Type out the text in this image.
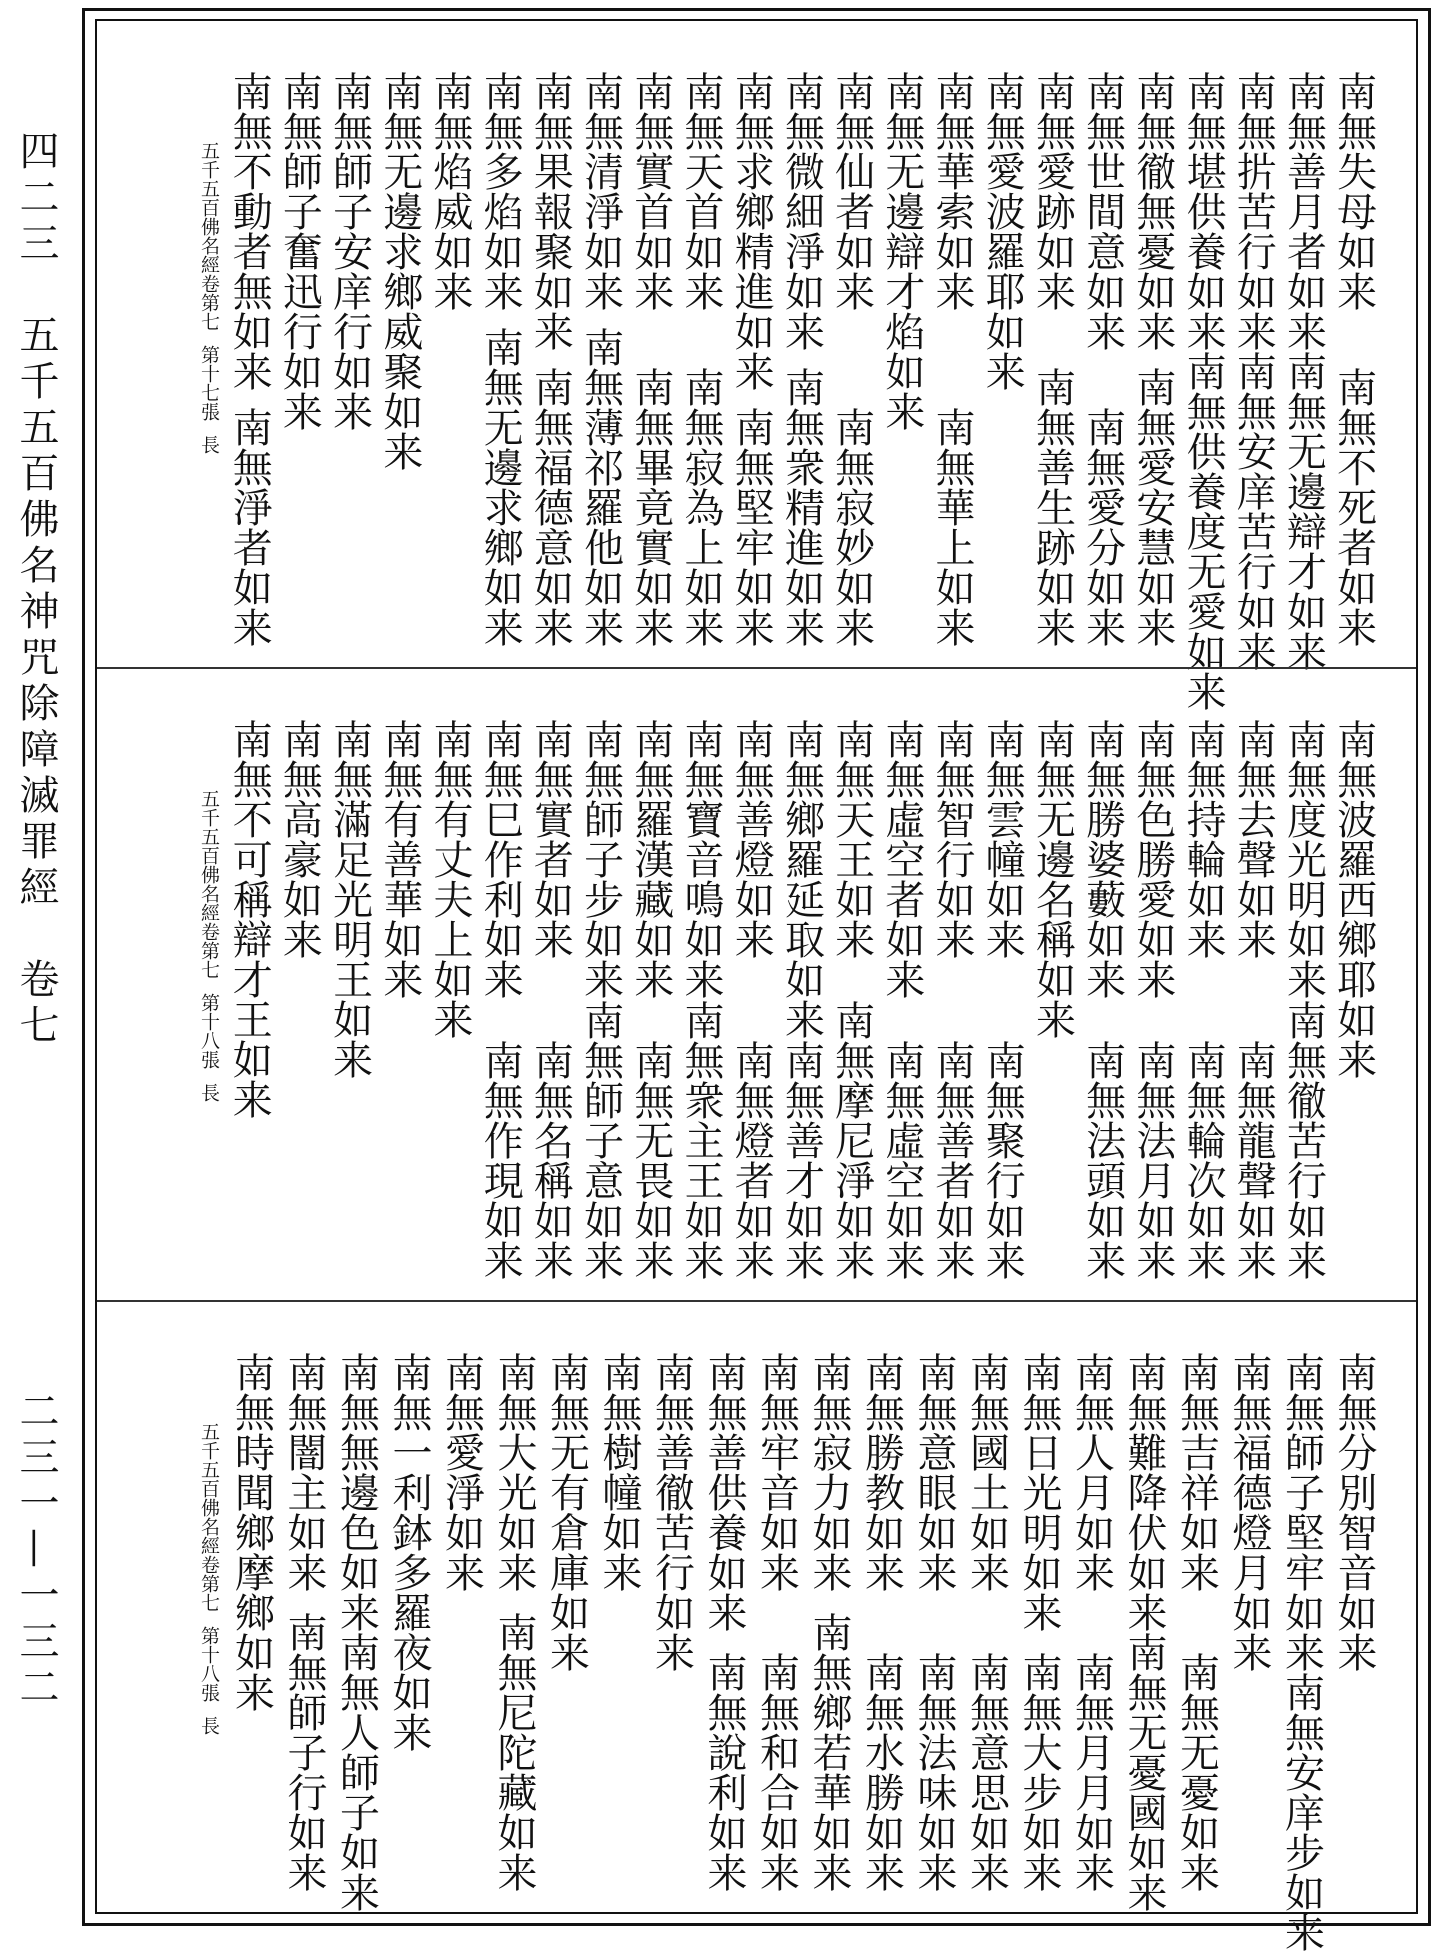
四二三　五千五百佛名神咒除障滅罪經　卷七
二三一—一三二
南無失母如来
南無不死者如来
南無善月者如来
南無无邊辯才如来
南無扸苦行如来
南無安庠苦行如来
南無堪供養如来
南無供養度无愛如来
南無徹無憂如来
南無愛安慧如来
南無世間意如来
南無愛分如来
南無愛跡如来
南無善生跡如来
南無愛波羅耶如来
南無華索如来
南無華上如来
南無无邊辯才焰如来
南無仙者如来
南無寂妙如来
南無微細淨如来
南無衆精進如来
南無求鄉精進如来
南無堅牢如来
南無天首如来
南無寂為上如来
南無實首如来
南無畢竟實如来
南無清淨如来
南無薄祁羅他如来
南無果報聚如来
南無福德意如来
南無多焰如来
南無无邊求鄉如来
南無焰威如来
南無无邊求鄉威聚如来
南無師子安庠行如来
南無師子奮迅行如来
南無不動者無如来
南無淨者如来
五千五百佛名經卷第七
第十七張
長
南無波羅西鄉耶如来
南無度光明如来
南無徹苦行如来
南無去聲如来
南無龍聲如来
南無持輪如来
南無輪次如来
南無色勝愛如来
南無法月如来
南無勝婆藪如来
南無法頭如来
南無无邊名稱如来
南無雲幢如来
南無聚行如来
南無智行如来
南無善者如来
南無虛空者如来
南無虛空如来
南無天王如来
南無摩尼淨如来
南無鄉羅延取如来
南無善才如来
南無善燈如来
南無燈者如来
南無寶音鳴如来
南無衆主王如来
南無羅漢藏如来
南無无畏如来
南無師子步如来
南無師子意如来
南無實者如来
南無名稱如来
南無巳作利如来
南無作現如来
南無有丈夫上如来
南無有善華如来
南無滿足光明王如来
南無高豪如来
南無不可稱辯才王如来
五千五百佛名經卷第七
第十八張
長
南無分別智音如来
南無師子堅牢如来
南無安庠步如来
南無福德燈月如来
南無吉祥如来
南無无憂如来
南無難降伏如来
南無无憂國如来
南無人月如来
南無月月如来
南無日光明如来
南無大步如来
南無國土如来
南無意思如来
南無意眼如来
南無法味如来
南無勝教如来
南無水勝如来
南無寂力如来
南無鄉若華如来
南無牢音如来
南無和合如来
南無善供養如来
南無說利如来
南無善徹苦行如来
南無樹幢如来
南無无有倉庫如来
南無大光如来
南無尼陀藏如来
南無愛淨如来
南無一利鉢多羅夜如来
南無無邊色如来
南無人師子如来
南無闇主如来
南無師子行如来
南無時聞鄉摩鄉如来
五千五百佛名經卷第七
第十八張
長
